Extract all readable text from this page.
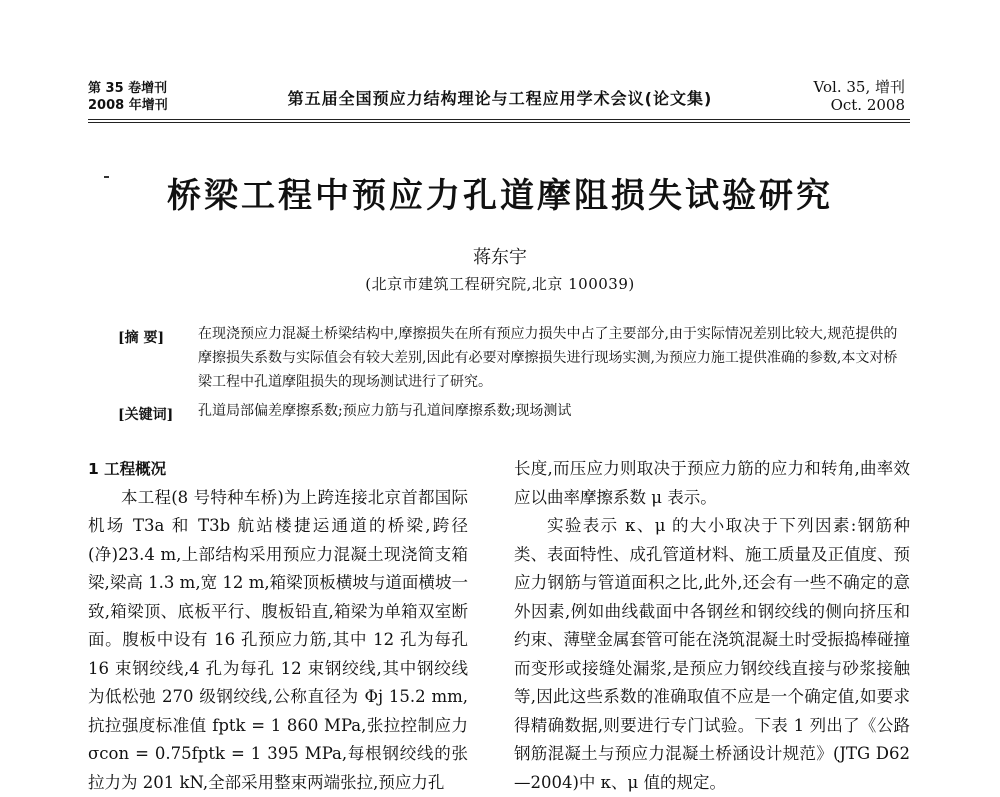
第 35 卷增刊
2008 年增刊	第五届全国预应力结构理论与工程应用学术会议(论文集)
Vol. 35, 增刊
Oct. 2008
桥梁工程中预应力孔道摩阻损失试验研究
蒋东宇
(北京市建筑工程研究院,北京 100039)
[摘 要] 在现浇预应力混凝土桥梁结构中,摩擦损失在所有预应力损失中占了主要部分,由于实际情况差别比较大,规范提供的摩擦损失系数与实际值会有较大差别,因此有必要对摩擦损失进行现场实测,为预应力施工提供准确的参数,本文对桥梁工程中孔道摩阻损失的现场测试进行了研究。
[关键词] 孔道局部偏差摩擦系数;预应力筋与孔道间摩擦系数;现场测试

1 工程概况

本工程(8 号特种车桥)为上跨连接北京首都国际机场 T3a 和 T3b 航站楼捷运通道的桥梁,跨径(净)23.4 m,上部结构采用预应力混凝土现浇简支箱梁,梁高 1.3 m,宽 12 m,箱梁顶板横坡与道面横坡一致,箱梁顶、底板平行、腹板铅直,箱梁为单箱双室断面。腹板中设有 16 孔预应力筋,其中 12 孔为每孔 16 束钢绞线,4 孔为每孔 12 束钢绞线,其中钢绞线为低松弛 270 级钢绞线,公称直径为 Φj 15.2 mm,抗拉强度标准值 fptk = 1 860 MPa,张拉控制应力 σcon = 0.75fptk = 1 395 MPa,每根钢绞线的张拉力为 201 kN,全部采用整束两端张拉,预应力孔

长度,而压应力则取决于预应力筋的应力和转角,曲率效应以曲率摩擦系数 μ 表示。

实验表示 κ、μ 的大小取决于下列因素:钢筋种类、表面特性、成孔管道材料、施工质量及正值度、预应力钢筋与管道面积之比,此外,还会有一些不确定的意外因素,例如曲线截面中各钢丝和钢绞线的侧向挤压和约束、薄壁金属套管可能在浇筑混凝土时受振捣棒碰撞而变形或接缝处漏浆,是预应力钢绞线直接与砂浆接触等,因此这些系数的准确取值不应是一个确定值,如要求得精确数据,则要进行专门试验。下表 1 列出了《公路钢筋混凝土与预应力混凝土桥涵设计规范》(JTG D62—2004)中 κ、μ 值的规定。
